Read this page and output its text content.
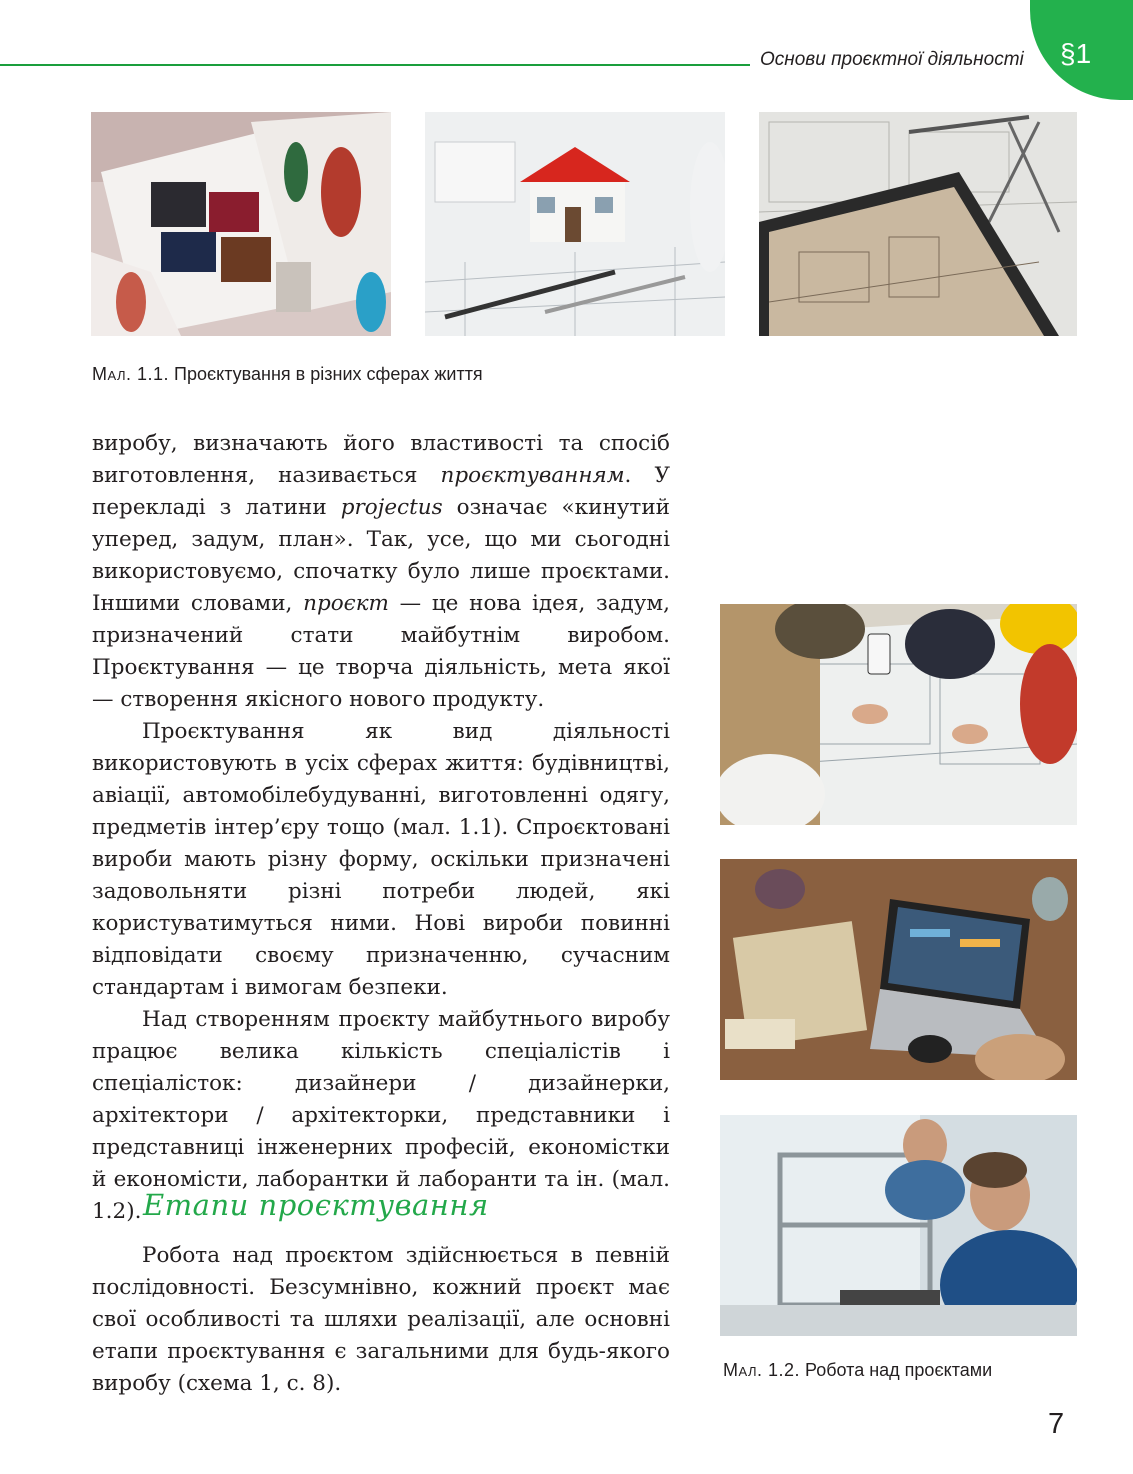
Основи проєктної діяльності §1
Мал. 1.1. Проєктування в різних сферах життя

виробу, визначають його властивості та спосіб виготовлення, називається проєктуванням. У перекладі з латини projectus означає «кинутий уперед, задум, план». Так, усе, що ми сьогодні використовуємо, спочатку було лише проєктами. Іншими словами, проєкт — це нова ідея, задум, призначений стати майбутнім виробом. Проєктування — це творча діяльність, мета якої — створення якісного нового продукту.

Проєктування як вид діяльності використовують в усіх сферах життя: будівництві, авіації, автомобілебудуванні, виготовленні одягу, предметів інтер’єру тощо (мал. 1.1). Спроєктовані вироби мають різну форму, оскільки призначені задовольняти різні потреби людей, які користуватимуться ними. Нові вироби повинні відповідати своєму призначенню, сучасним стандартам і вимогам безпеки.

Над створенням проєкту майбутнього виробу працює велика кількість спеціалістів і спеціалісток: дизайнери / дизайнерки, архітектори / архітекторки, представники і представниці інженерних професій, економістки й економісти, лаборантки й лаборанти та ін. (мал. 1.2). Етапи проєктування

Робота над проєктом здійснюється в певній послідовності. Безсумнівно, кожний проєкт має свої особливості та шляхи реалізації, але основні етапи проєктування є загальними для будь-якого виробу (схема 1, с. 8).

Мал. 1.2. Робота над проєктами
7
